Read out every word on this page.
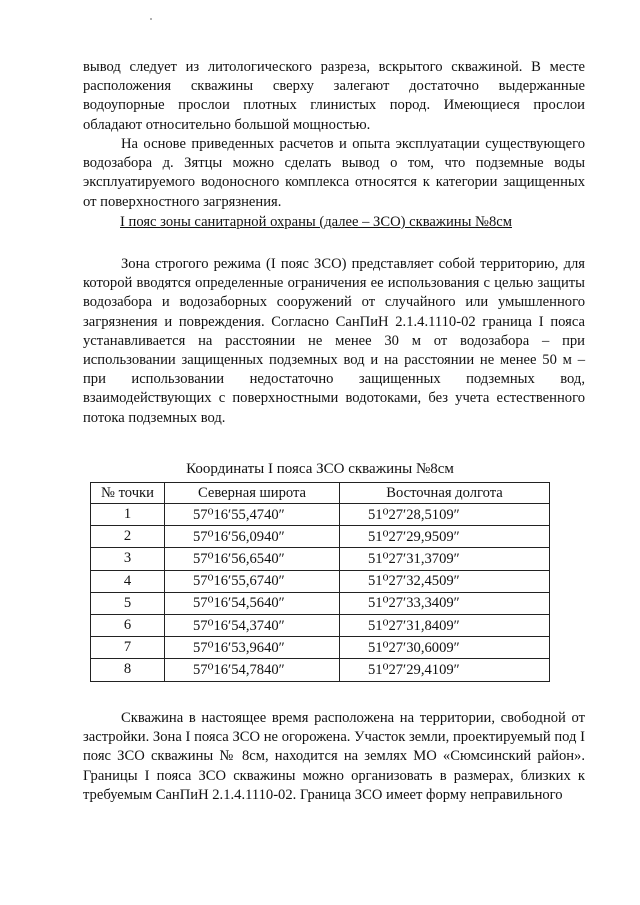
вывод следует из литологического разреза, вскрытого скважиной. В месте расположения скважины сверху залегают достаточно выдержанные водоупорные прослои плотных глинистых пород. Имеющиеся прослои обладают относительно большой мощностью.

На основе приведенных расчетов и опыта эксплуатации существующего водозабора д. Зятцы можно сделать вывод о том, что подземные воды эксплуатируемого водоносного комплекса относятся к категории защищенных от поверхностного загрязнения.

I пояс зоны санитарной охраны (далее – ЗСО) скважины №8см

Зона строгого режима (I пояс ЗСО) представляет собой территорию, для которой вводятся определенные ограничения ее использования с целью защиты водозабора и водозаборных сооружений от случайного или умышленного загрязнения и повреждения. Согласно СанПиН 2.1.4.1110-02 граница I пояса устанавливается на расстоянии не менее 30 м от водозабора – при использовании защищенных подземных вод и на расстоянии не менее 50 м – при использовании недостаточно защищенных подземных вод, взаимодействующих с поверхностными водотоками, без учета естественного потока подземных вод.

Координаты I пояса ЗСО скважины №8см

№ точки	Северная широта	Восточная долгота
1	57⁰16′55,4740″	51⁰27′28,5109″
2	57⁰16′56,0940″	51⁰27′29,9509″
3	57⁰16′56,6540″	51⁰27′31,3709″
4	57⁰16′55,6740″	51⁰27′32,4509″
5	57⁰16′54,5640″	51⁰27′33,3409″
6	57⁰16′54,3740″	51⁰27′31,8409″
7	57⁰16′53,9640″	51⁰27′30,6009″
8	57⁰16′54,7840″	51⁰27′29,4109″

Скважина в настоящее время расположена на территории, свободной от застройки. Зона I пояса ЗСО не огорожена. Участок земли, проектируемый под I пояс ЗСО скважины № 8см, находится на землях МО «Сюмсинский район». Границы I пояса ЗСО скважины можно организовать в размерах, близких к требуемым СанПиН 2.1.4.1110-02. Граница ЗСО имеет форму неправильного
